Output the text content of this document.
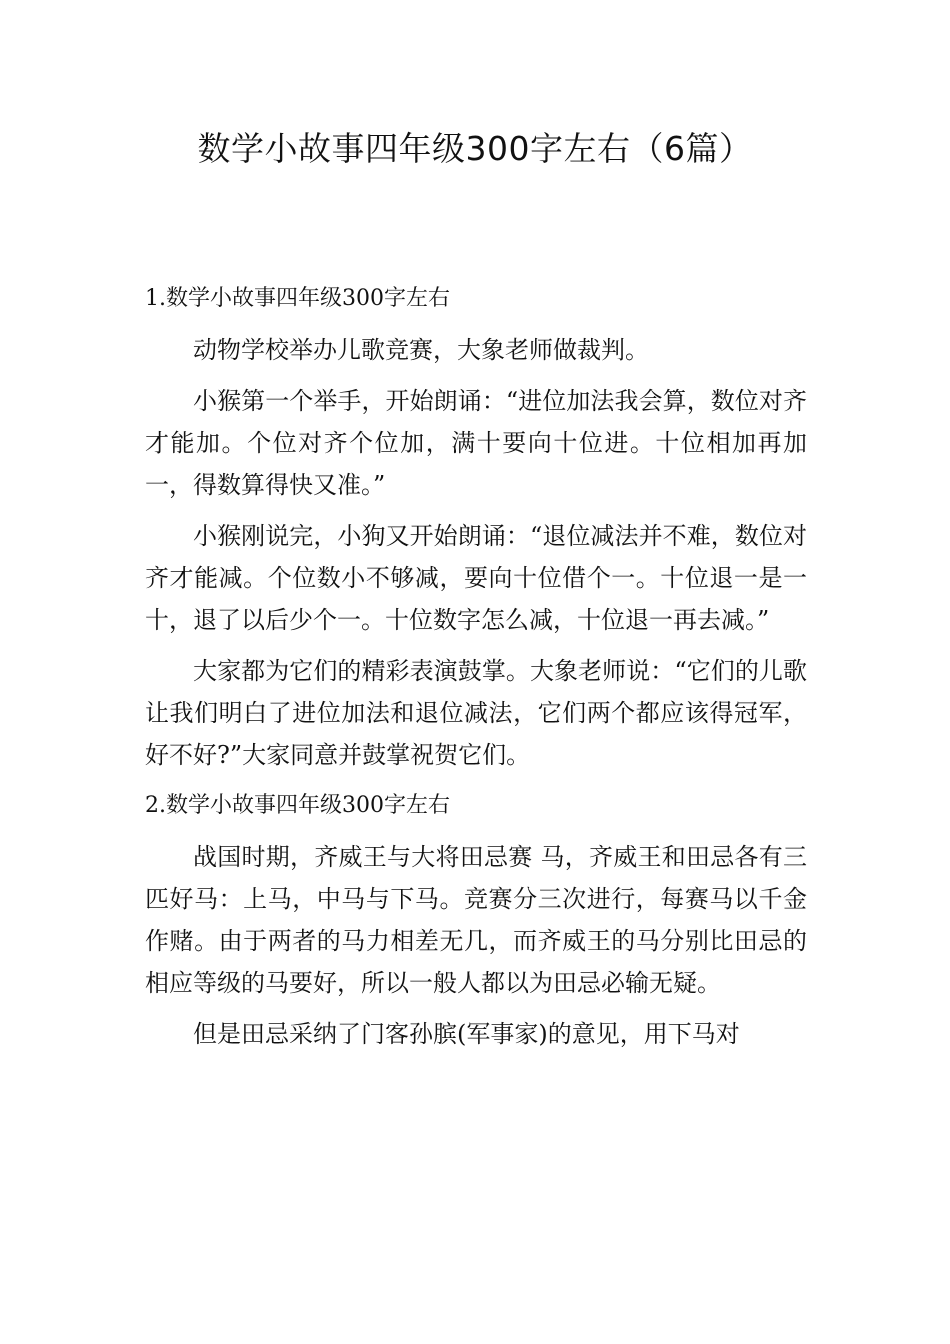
数学小故事四年级300字左右（6篇）
1.数学小故事四年级300字左右

动物学校举办儿歌竞赛，大象老师做裁判。

小猴第一个举手，开始朗诵：“进位加法我会算，数位对齐才能加。个位对齐个位加，满十要向十位进。十位相加再加一，得数算得快又准。”

小猴刚说完，小狗又开始朗诵：“退位减法并不难，数位对齐才能减。个位数小不够减，要向十位借个一。十位退一是一十，退了以后少个一。十位数字怎么减，十位退一再去减。”

大家都为它们的精彩表演鼓掌。大象老师说：“它们的儿歌让我们明白了进位加法和退位减法，它们两个都应该得冠军，好不好?”大家同意并鼓掌祝贺它们。

2.数学小故事四年级300字左右

战国时期，齐威王与大将田忌赛 马，齐威王和田忌各有三匹好马：上马，中马与下马。竞赛分三次进行，每赛马以千金作赌。由于两者的马力相差无几，而齐威王的马分别比田忌的相应等级的马要好，所以一般人都以为田忌必输无疑。

但是田忌采纳了门客孙膑(军事家)的意见，用下马对
